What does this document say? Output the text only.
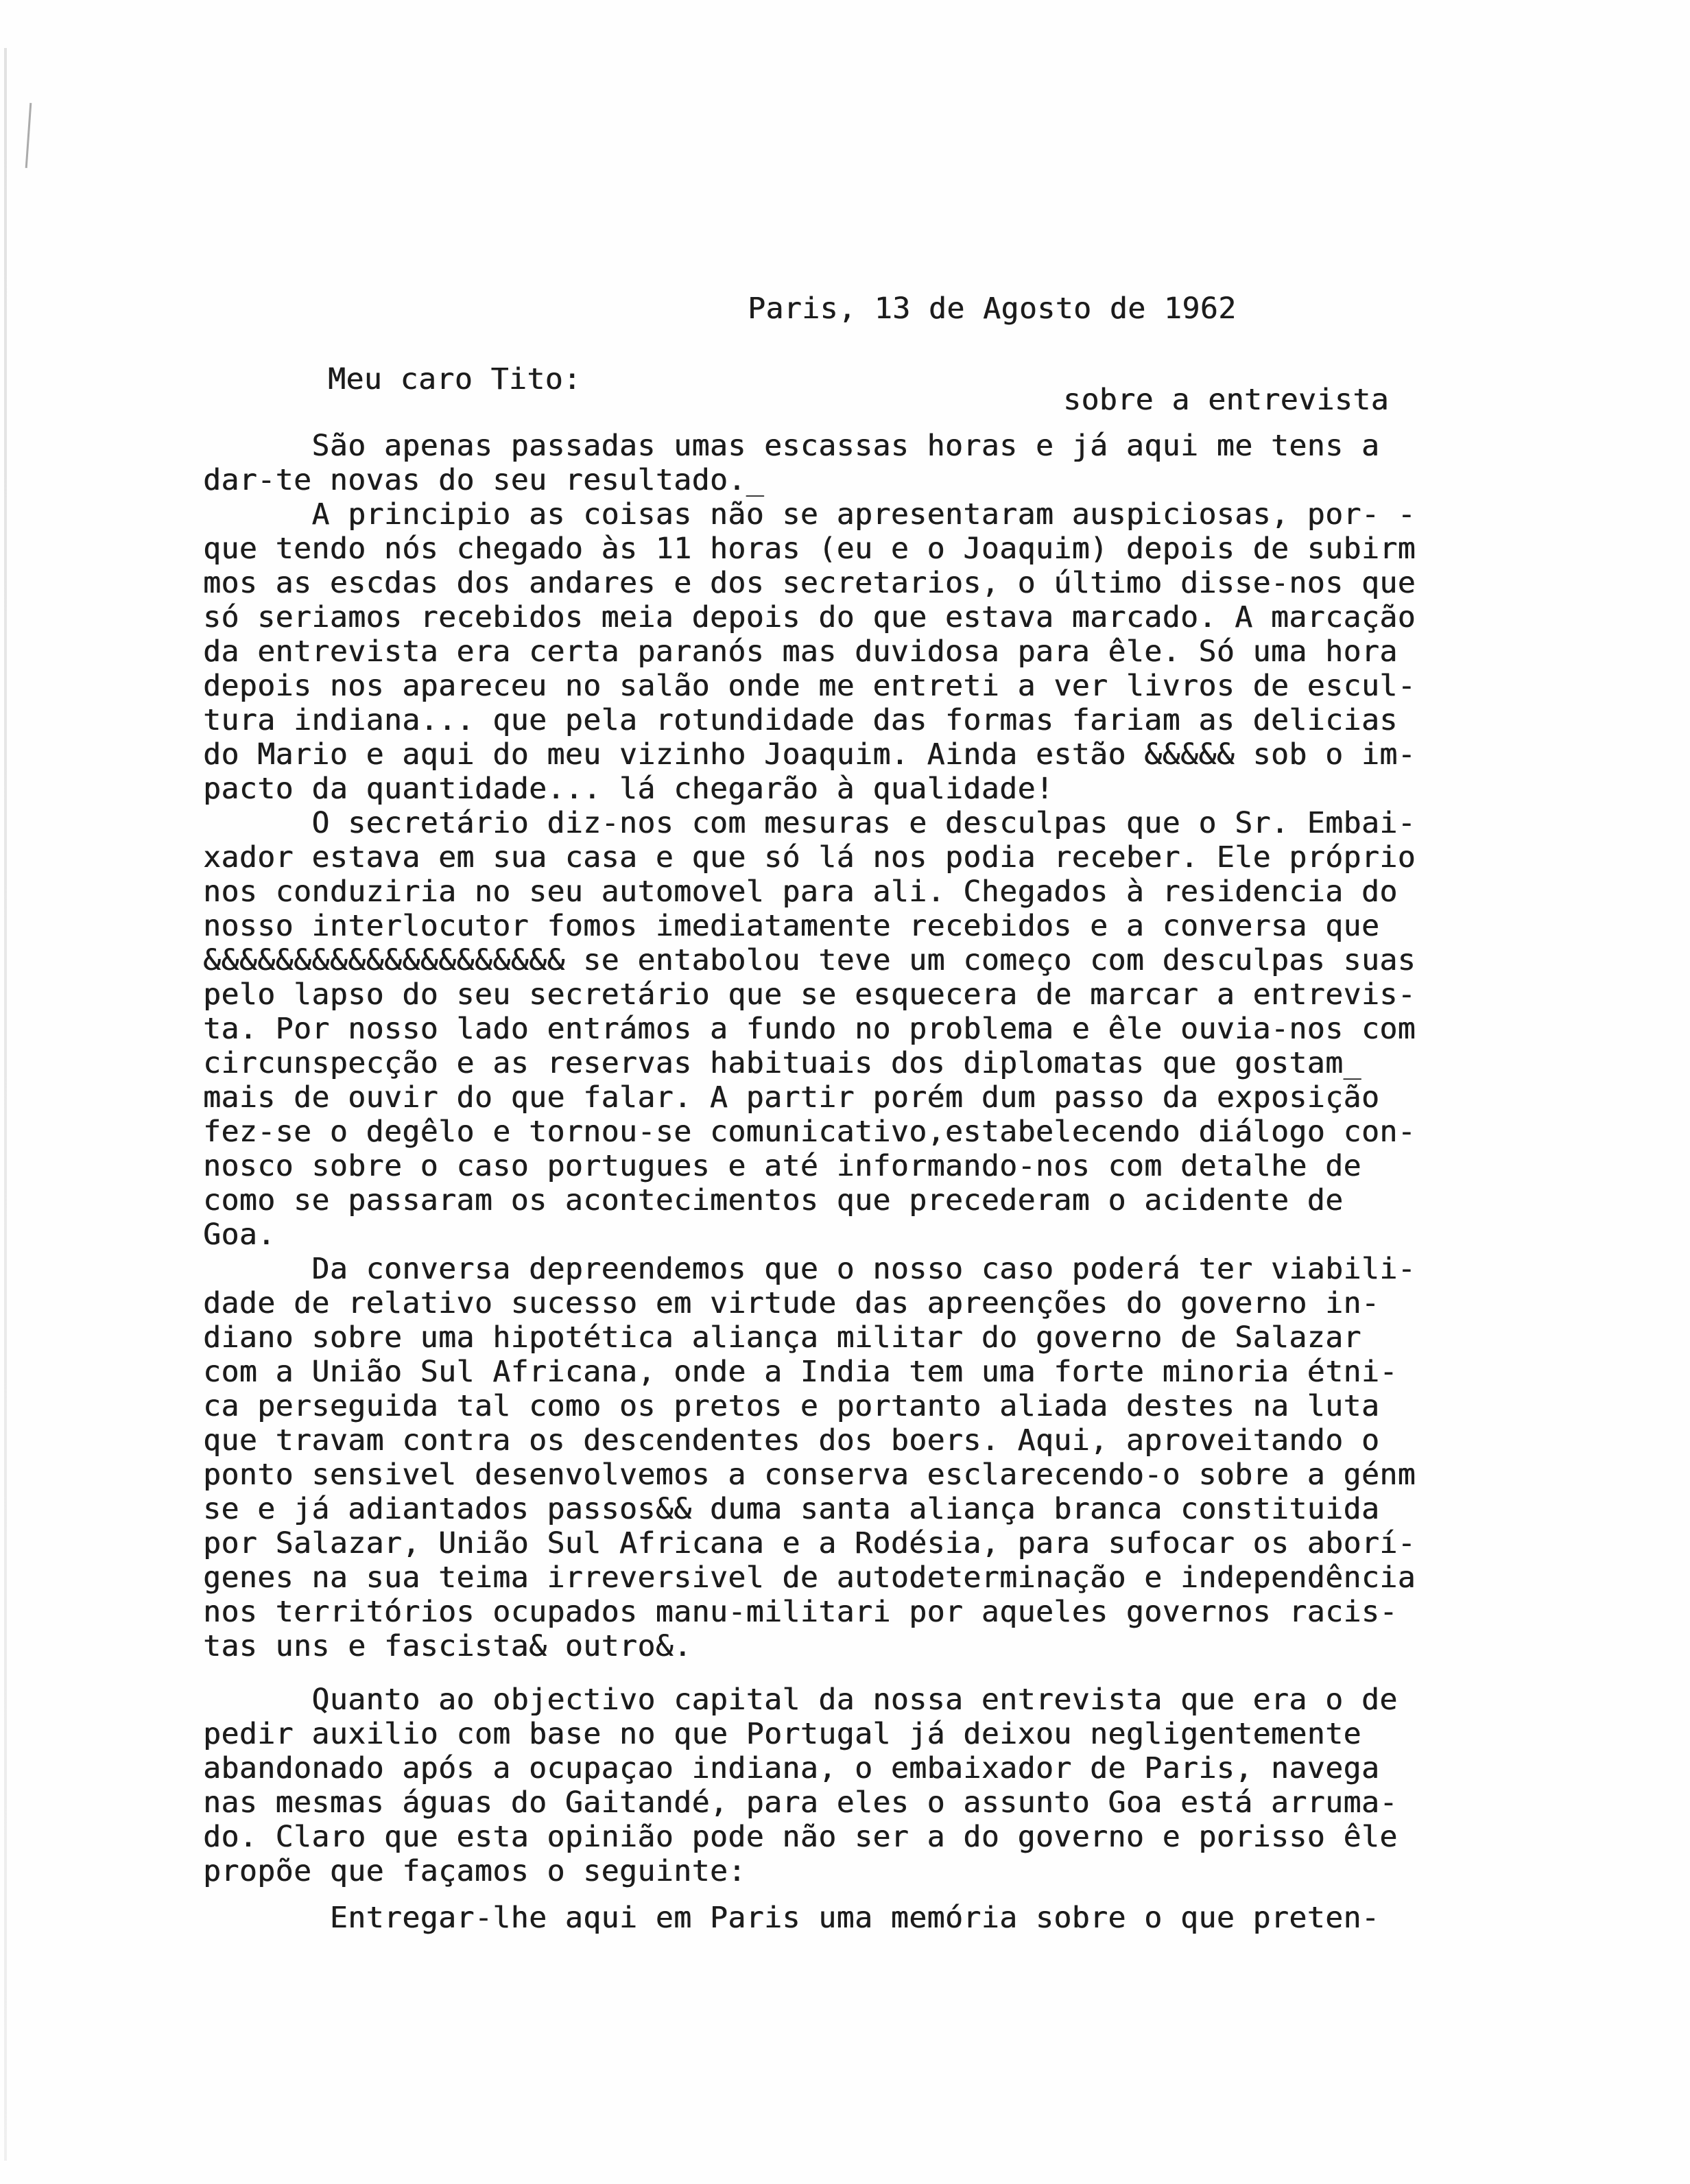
Paris, 13 de Agosto de 1962

Meu caro Tito:

sobre a entrevista

São apenas passadas umas escassas horas e já aqui me tens a
dar-te novas do seu resultado._
A principio as coisas não se apresentaram auspiciosas, por- -
que tendo nós chegado às 11 horas (eu e o Joaquim) depois de subirm
mos as escdas dos andares e dos secretarios, o último disse-nos que
só seriamos recebidos meia depois do que estava marcado. A marcação
da entrevista era certa paranós mas duvidosa para êle. Só uma hora
depois nos apareceu no salão onde me entreti a ver livros de escul-
tura indiana... que pela rotundidade das formas fariam as delicias
do Mario e aqui do meu vizinho Joaquim. Ainda estão &&&&& sob o im-
pacto da quantidade... lá chegarão à qualidade!
O secretário diz-nos com mesuras e desculpas que o Sr. Embai-
xador estava em sua casa e que só lá nos podia receber. Ele próprio
nos conduziria no seu automovel para ali. Chegados à residencia do
nosso interlocutor fomos imediatamente recebidos e a conversa que
&&&&&&&&&&&&&&&&&&&& se entabolou teve um começo com desculpas suas
pelo lapso do seu secretário que se esquecera de marcar a entrevis-
ta. Por nosso lado entrámos a fundo no problema e êle ouvia-nos com
circunspecção e as reservas habituais dos diplomatas que gostam_
mais de ouvir do que falar. A partir porém dum passo da exposição
fez-se o degêlo e tornou-se comunicativo,estabelecendo diálogo con-
nosco sobre o caso portugues e até informando-nos com detalhe de
como se passaram os acontecimentos que precederam o acidente de
Goa.
Da conversa depreendemos que o nosso caso poderá ter viabili-
dade de relativo sucesso em virtude das apreenções do governo in-
diano sobre uma hipotética aliança militar do governo de Salazar
com a União Sul Africana, onde a India tem uma forte minoria étni-
ca perseguida tal como os pretos e portanto aliada destes na luta
que travam contra os descendentes dos boers. Aqui, aproveitando o
ponto sensivel desenvolvemos a conserva esclarecendo-o sobre a génm
se e já adiantados passos&& duma santa aliança branca constituida
por Salazar, União Sul Africana e a Rodésia, para sufocar os aborí-
genes na sua teima irreversivel de autodeterminação e independência
nos territórios ocupados manu-militari por aqueles governos racis-
tas uns e fascista& outro&.
Quanto ao objectivo capital da nossa entrevista que era o de
pedir auxilio com base no que Portugal já deixou negligentemente
abandonado após a ocupaçao indiana, o embaixador de Paris, navega
nas mesmas águas do Gaitandé, para eles o assunto Goa está arruma-
do. Claro que esta opinião pode não ser a do governo e porisso êle
propõe que façamos o seguinte:
Entregar-lhe aqui em Paris uma memória sobre o que preten-
